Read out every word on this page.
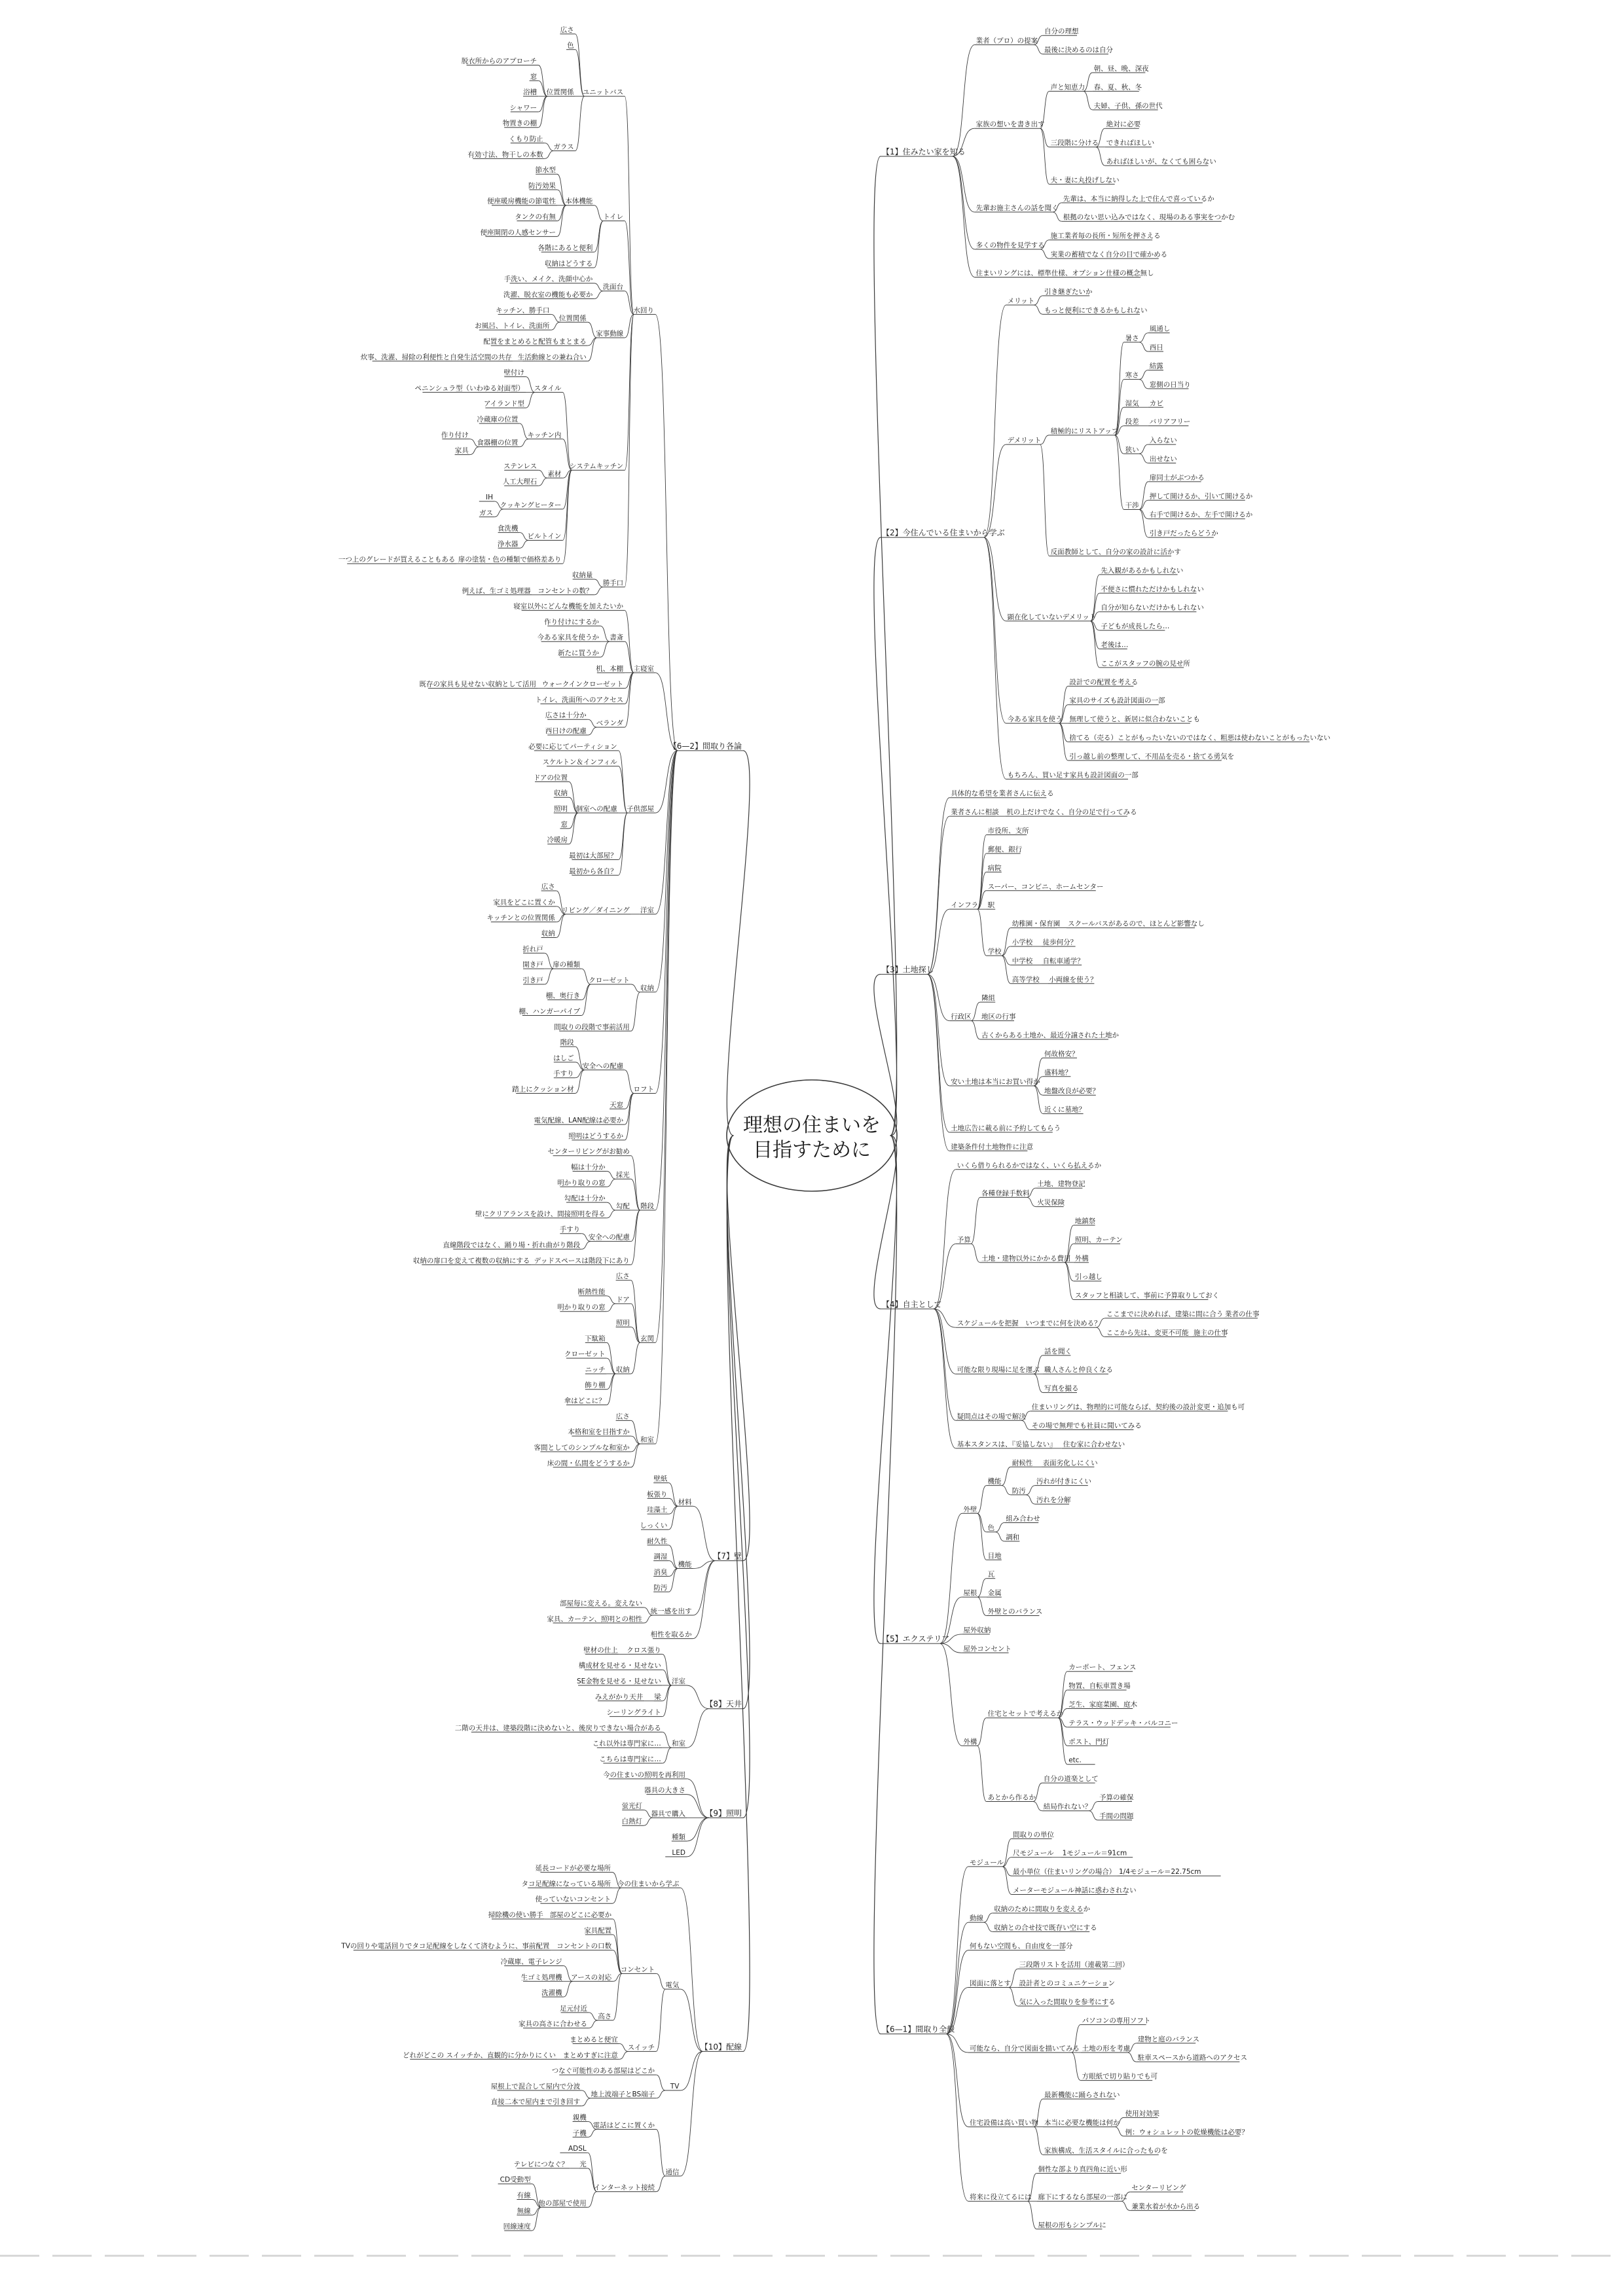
理想の住まいを
目指すために
【1】住みたい家を知る
業者（プロ）の提案
自分の理想
最後に決めるのは自分
家族の想いを書き出す
声と知恵力
朝、昼、晩、深夜
春、夏、秋、冬
夫婦、子供、孫の世代
三段階に分ける
絶対に必要
できればほしい
あればほしいが、なくても困らない
夫・妻に丸投げしない
先輩お施主さんの話を聞く
先輩は、本当に納得した上で住んで喜っているか
根拠のない思い込みではなく、現場のある事実をつかむ
多くの物件を見学する
施工業者毎の長所・短所を押さえる
実業の蓄積でなく自分の目で確かめる
住まいリングには、標準仕様、オプション仕様の概念無し
【2】今住んでいる住まいから学ぶ
メリット
引き継ぎたいか
もっと便利にできるかもしれない
デメリット
積極的にリストアップ
暑さ
風通し
西日
寒さ
結露
窓側の日当り
湿気 カビ
段差 バリアフリー
狭い
入らない
出せない
干渉
扉同士がぶつかる
押して開けるか、引いて開けるか
右手で開けるか、左手で開けるか
引き戸だったらどうか
反面教師として、自分の家の設計に活かす
顕在化していないデメリット
先入観があるかもしれない
不便さに慣れただけかもしれない
自分が知らないだけかもしれない
子どもが成長したら…
老後は…
ここがスタッフの腕の見せ所
今ある家具を使う
設計での配置を考える
家具のサイズも設計図面の一部
無理して使うと、新居に似合わないことも
捨てる（売る）ことがもったいないのではなく、粗悪は使わないことがもったいない
引っ越し前の整理して、不用品を売る・捨てる勇気を
もちろん、買い足す家具も設計図面の一部
【3】土地探し
具体的な希望を業者さんに伝える
業者さんに相談 机の上だけでなく、自分の足で行ってみる
インフラ
市役所、支所
郵便、銀行
病院
スーパー、コンビニ、ホームセンター
駅
学校
幼稚園・保育園 スクールバスがあるので、ほとんど影響なし
小学校 徒歩何分？
中学校 自転車通学？
高等学校 小両線を使う？
行政区
隣組
地区の行事
古くからある土地か、最近分譲された土地か
安い土地は本当にお買い得か
何故格安？
盛料地？
地盤改良が必要？
近くに墓地？
土地広告に載る前に予約してもらう
建築条件付土地物件に注意
【4】自主として
いくら借りられるかではなく、いくら払えるか
予算
各種登録手数料
土地、建物登記
火災保険
土地・建物以外にかかる費用
地鎮祭
照明、カーテン
外構
引っ越し
スタッフと相談して、事前に予算取りしておく
スケジュールを把握 いつまでに何を決める？
ここまでに決めれば、建築に間に合う 業者の仕事
ここから先は、変更不可能 施主の仕事
可能な限り現場に足を運ぶ
話を聞く
職人さんと仲良くなる
写真を撮る
疑問点はその場で解決
住まいリングは、物理的に可能ならば、契約後の設計変更・追加も可
その場で無理でも社員に聞いてみる
基本スタンスは、『妥協しない』 住む家に合わせない
【5】エクステリア
外壁
機能
耐候性 表面劣化しにくい
防汚
汚れが付きにくい
汚れを分解
色
組み合わせ
調和
目地
屋根
瓦
金属
外壁とのバランス
屋外収納
屋外コンセント
外構
住宅とセットで考えるか
カーポート、フェンス
物置、自転車置き場
芝生、家庭菜園、庭木
テラス・ウッドデッキ・バルコニー
ポスト、門灯
etc.
あとから作るか
自分の道楽として
結局作れない？
予算の確保
手間の問題
【6—1】間取り全般
モジュール
間取りの単位
尺モジュール 1モジュール＝91cm
最小単位（住まいリングの場合） 1/4モジュール＝22.75cm
メーターモジュール神話に惑わされない
動線
収納のために間取りを変えるか
収納との合せ技で既存い空にする
何もない空間も、自由度を一部分
図面に落とす
三段階リストを活用（連載第二回）
設計者とのコミュニケーション
気に入った間取りを参考にする
可能なら、自分で図面を描いてみる
パソコンの専用ソフト
土地の形を考慮
建物と庭のバランス
駐車スペースから道路へのアクセス
方眼紙で切り貼りでも可
住宅設備は高い買い物
最新機能に踊らされない
本当に必要な機能は何か
使用対効果
例：ウォシュレットの乾燥機能は必要？
家族構成、生活スタイルに合ったものを
将来に役立てるには
個性な部より真四角に近い形
廊下にするなら部屋の一部に
センターリビング
兼業水着が水から出る
屋根の形もシンプルに
【6—2】間取り各論
水回り
ユニットバス
広さ
色
位置関係
脱衣所からのアプローチ
窓
浴槽
シャワー
物置きの棚
ガラス
くもり防止
有効寸法、物干しの本数
トイレ
本体機能
節水型
防汚効果
便座暖房機能の節電性
タンクの有無
便座開閉の人感センサー
各階にあると便利
収納はどうする
洗面台
手洗い、メイク、洗顔中心か
洗濯、脱衣室の機能も必要か
家事動線
位置関係
キッチン、勝手口
お風呂、トイレ、洗面所
配置をまとめると配管もまとまる
生活動線との兼ね合い
炊事、洗濯、掃除の利便性と自発生活空間の共存
システムキッチン
スタイル
壁付け
ペニンシュラ型（いわゆる対面型）
アイランド型
キッチン内
冷蔵庫の位置
食器棚の位置
作り付け
家具
素材
ステンレス
人工大理石
クッキングヒーター
IH
ガス
ビルトイン
食洗機
浄水器
扉の塗装・色の種類で価格差あり
一つ上のグレードが買えることもある
勝手口
収納量
コンセントの数？
例えば、生ゴミ処理器
主寝室
寝室以外にどんな機能を加えたいか
書斎
作り付けにするか
今ある家具を使うか
新たに買うか
机、本棚
ウォークインクローゼット
既存の家具も見せない収納として活用
トイレ、洗面所へのアクセス
ベランダ
広さは十分か
西日けの配慮
子供部屋
必要に応じてパーティション
スケルトン＆インフィル
個室への配慮
ドアの位置
収納
照明
窓
冷暖房
最初は大部屋？
最初から各自？
洋室
リビング／ダイニング
広さ
家具をどこに置くか
キッチンとの位置関係
収納
収納
クローゼット
扉の種類
折れ戸
開き戸
引き戸
棚、奥行き
棚、ハンガーパイプ
間取りの段階で事前活用
ロフト
安全への配慮
階段
はしご
手すり
踏上にクッション材
天窓
電気配線、LAN配線は必要か
照明はどうするか
階段
センターリビングがお勧め
採光
幅は十分か
明かり取りの窓
勾配
勾配は十分か
壁にクリアランスを設け、間接照明を得る
安全への配慮
手すり
直線階段ではなく、踊り場・折れ曲がり階段
デッドスペースは階段下にあり
収納の扉口を変えて複数の収納にする
玄関
広さ
ドア
断熱性能
明かり取りの窓
照明
収納
下駄箱
クローゼット
ニッチ
飾り棚
傘はどこに？
和室
広さ
本格和室を目指すか
客間としてのシンプルな和室か
床の間・仏間をどうするか
【7】壁
材料
壁紙
板張り
珪藻土
しっくい
機能
耐久性
調湿
消臭
防汚
統一感を出す
部屋毎に変える。変えない
家具、カーテン、照明との相性
相性を取るか
【8】天井
洋室
クロス張り
壁材の仕上
構成材を見せる・見せない
SE金物を見せる・見せない
梁
みえがかり天井
シーリングライト
和室
二階の天井は、建築段階に決めないと、後戻りできない場合がある
これ以外は専門家に…
こちらは専門家に…
【9】照明
今の住まいの照明を再利用
器具の大きさ
器具で購入
蛍光灯
白熱灯
種類
LED
【10】配線
今の住まいから学ぶ
延長コードが必要な場所
タコ足配線になっている場所
使っていないコンセント
電気
コンセント
部屋のどこに必要か
掃除機の使い勝手
家具配置
コンセントの口数
TVの回りや電話回りでタコ足配線をしなくて済むように、事前配置
アースの対応
冷蔵庫、電子レンジ
生ゴミ処理機
洗濯機
高さ
足元付近
家具の高さに合わせる
スイッチ
まとめると便宜
まとめすぎに注意
どれがどこの スイッチか、直観的に分かりにくい
TV
つなぐ可能性のある部屋はどこか
地上波端子とBS端子
屋根上で混合して屋内で分波
直接二本で屋内まで引き回す
通信
電話はどこに置くか
親機
子機
インターネット接続
ADSL
光
テレビにつなぐ？
他の部屋で使用
CD受動型
有線
無線
回線速度
